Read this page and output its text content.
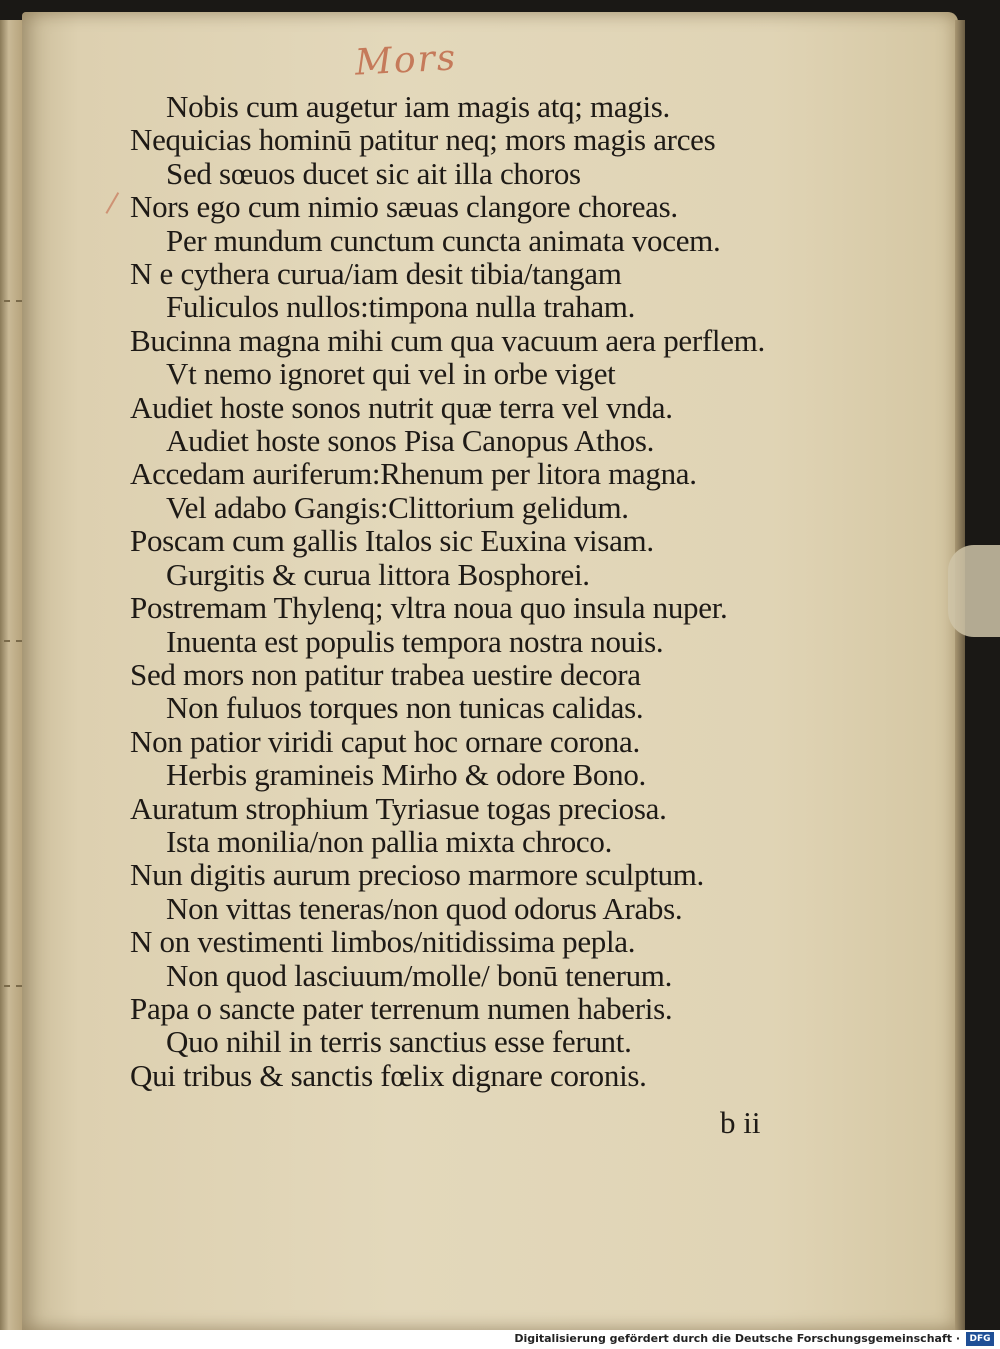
Mors
Nobis cum augetur iam magis atq; magis.
Nequicias hominū patitur neq; mors magis arces
Sed sœuos ducet sic ait illa choros
Nors ego cum nimio sæuas clangore choreas.
Per mundum cunctum cuncta animata vocem.
N e cythera curua/iam desit tibia/tangam
Fuliculos nullos:timpona nulla traham.
Bucinna magna mihi cum qua vacuum aera perflem.
Vt nemo ignoret qui vel in orbe viget
Audiet hoste sonos nutrit quæ terra vel vnda.
Audiet hoste sonos Pisa Canopus Athos.
Accedam auriferum:Rhenum per litora magna.
Vel adabo Gangis:Clittorium gelidum.
Poscam cum gallis Italos sic Euxina visam.
Gurgitis & curua littora Bosphorei.
Postremam Thylenq; vltra noua quo insula nuper.
Inuenta est populis tempora nostra nouis.
Sed mors non patitur trabea uestire decora
Non fuluos torques non tunicas calidas.
Non patior viridi caput hoc ornare corona.
Herbis gramineis Mirho & odore Bono.
Auratum strophium Tyriasue togas preciosa.
Ista monilia/non pallia mixta chroco.
Nun digitis aurum precioso marmore sculptum.
Non vittas teneras/non quod odorus Arabs.
N on vestimenti limbos/nitidissima pepla.
Non quod lasciuum/molle/ bonū tenerum.
Papa o sancte pater terrenum numen haberis.
Quo nihil in terris sanctius esse ferunt.
Qui tribus & sanctis fœlix dignare coronis.
b ii
Digitalisierung gefördert durch die Deutsche Forschungsgemeinschaft ·	DFG
